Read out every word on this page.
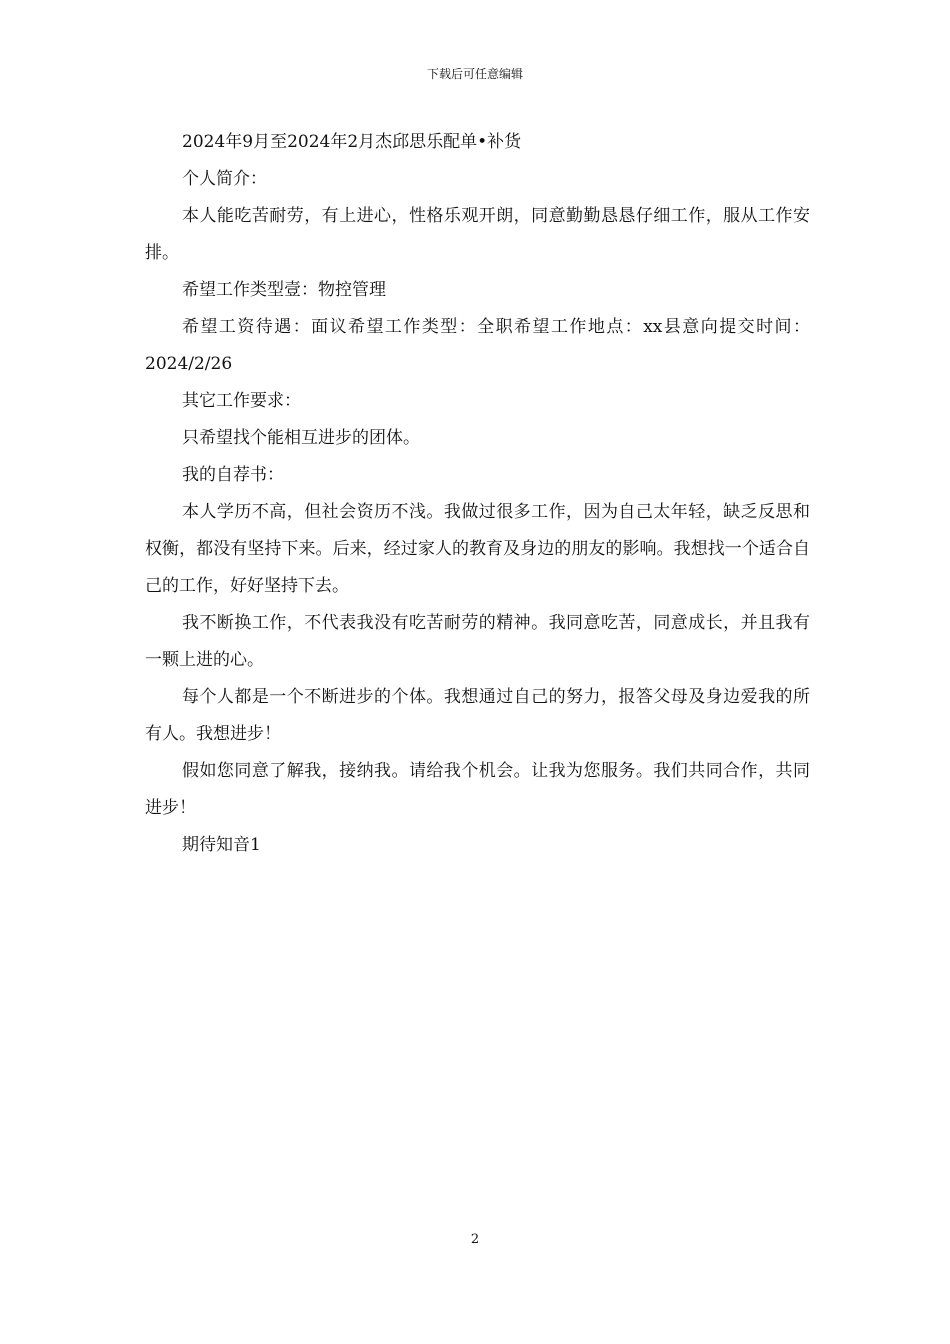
下载后可任意编辑

2024年9月至2024年2月杰邱思乐配单•补货

个人简介：

本人能吃苦耐劳，有上进心，性格乐观开朗，同意勤勤恳恳仔细工作，服从工作安排。

希望工作类型壹：物控管理

希望工资待遇：面议希望工作类型：全职希望工作地点：xx县意向提交时间：2024/2/26

其它工作要求：

只希望找个能相互进步的团体。

我的自荐书：

本人学历不高，但社会资历不浅。我做过很多工作，因为自己太年轻，缺乏反思和权衡，都没有坚持下来。后来，经过家人的教育及身边的朋友的影响。我想找一个适合自己的工作，好好坚持下去。

我不断换工作，不代表我没有吃苦耐劳的精神。我同意吃苦，同意成长，并且我有一颗上进的心。

每个人都是一个不断进步的个体。我想通过自己的努力，报答父母及身边爱我的所有人。我想进步！

假如您同意了解我，接纳我。请给我个机会。让我为您服务。我们共同合作，共同进步！

期待知音1

2
